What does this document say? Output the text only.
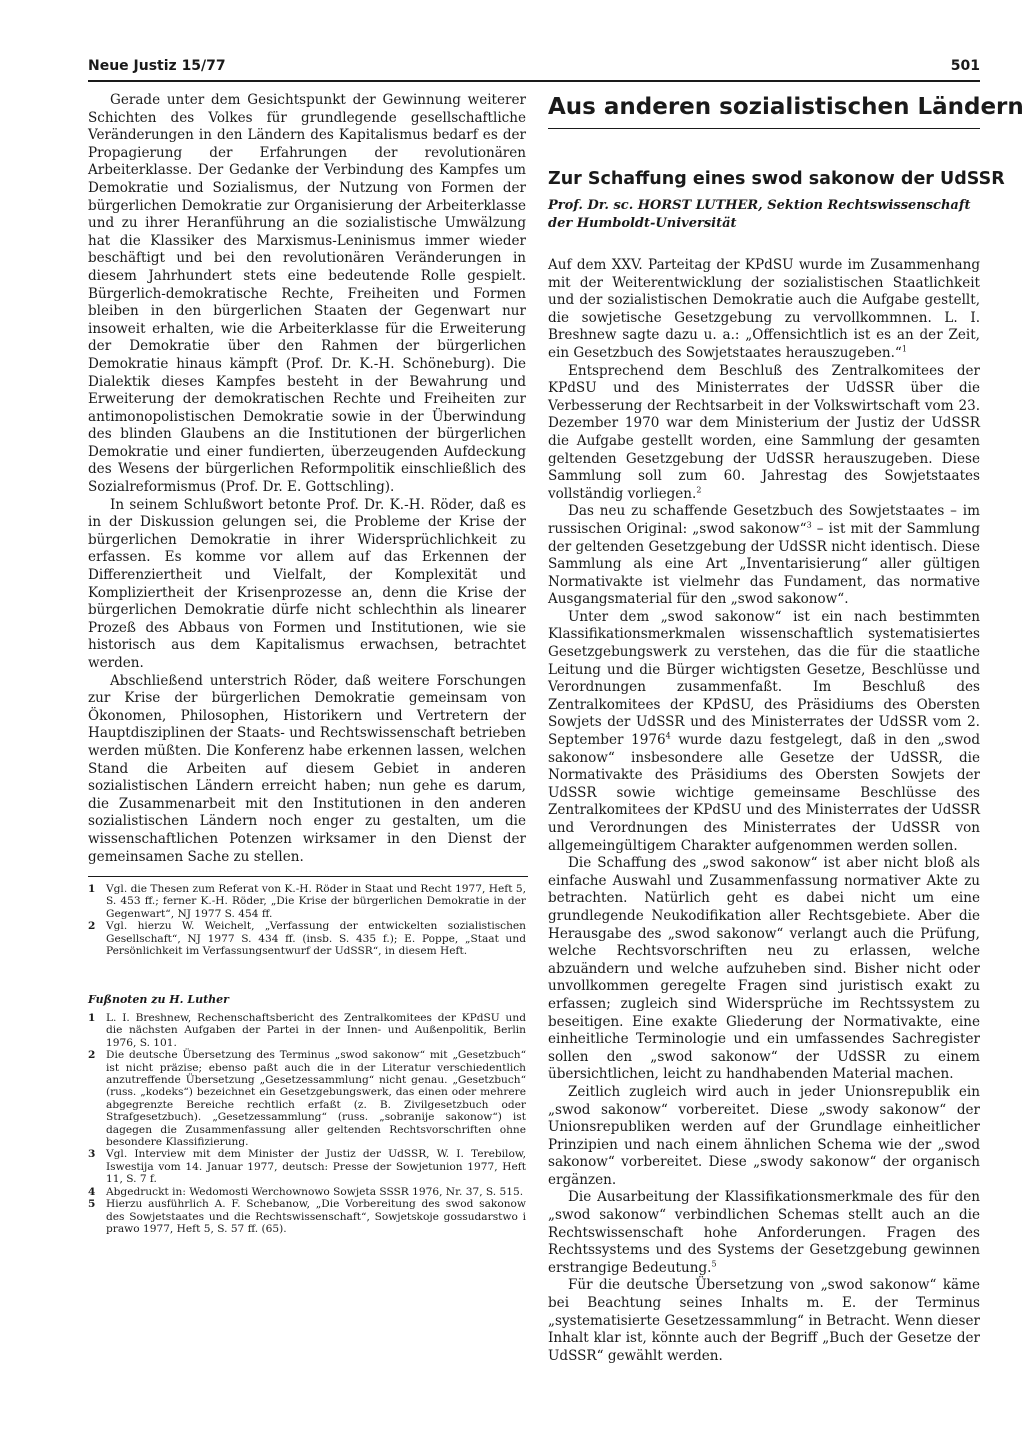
Neue Justiz 15/77	501

Gerade unter dem Gesichtspunkt der Gewinnung weiterer Schichten des Volkes für grundlegende gesellschaftliche Veränderungen in den Ländern des Kapitalismus bedarf es der Propagierung der Erfahrungen der revolutionären Arbeiterklasse. Der Gedanke der Verbindung des Kampfes um Demokratie und Sozialismus, der Nutzung von Formen der bürgerlichen Demokratie zur Organisierung der Arbeiterklasse und zu ihrer Heranführung an die sozialistische Umwälzung hat die Klassiker des Marxismus-Leninismus immer wieder beschäftigt und bei den revolutionären Veränderungen in diesem Jahrhundert stets eine bedeutende Rolle gespielt. Bürgerlich-demokratische Rechte, Freiheiten und Formen bleiben in den bürgerlichen Staaten der Gegenwart nur insoweit erhalten, wie die Arbeiterklasse für die Erweiterung der Demokratie über den Rahmen der bürgerlichen Demokratie hinaus kämpft (Prof. Dr. K.-H. Schöneburg). Die Dialektik dieses Kampfes besteht in der Bewahrung und Erweiterung der demokratischen Rechte und Freiheiten zur antimonopolistischen Demokratie sowie in der Überwindung des blinden Glaubens an die Institutionen der bürgerlichen Demokratie und einer fundierten, überzeugenden Aufdeckung des Wesens der bürgerlichen Reformpolitik einschließlich des Sozialreformismus (Prof. Dr. E. Gottschling).

In seinem Schlußwort betonte Prof. Dr. K.-H. Röder, daß es in der Diskussion gelungen sei, die Probleme der Krise der bürgerlichen Demokratie in ihrer Widersprüchlichkeit zu erfassen. Es komme vor allem auf das Erkennen der Differenziertheit und Vielfalt, der Komplexität und Kompliziertheit der Krisenprozesse an, denn die Krise der bürgerlichen Demokratie dürfe nicht schlechthin als linearer Prozeß des Abbaus von Formen und Institutionen, wie sie historisch aus dem Kapitalismus erwachsen, betrachtet werden.

Abschließend unterstrich Röder, daß weitere Forschungen zur Krise der bürgerlichen Demokratie gemeinsam von Ökonomen, Philosophen, Historikern und Vertretern der Hauptdisziplinen der Staats- und Rechtswissenschaft betrieben werden müßten. Die Konferenz habe erkennen lassen, welchen Stand die Arbeiten auf diesem Gebiet in anderen sozialistischen Ländern erreicht haben; nun gehe es darum, die Zusammenarbeit mit den Institutionen in den anderen sozialistischen Ländern noch enger zu gestalten, um die wissenschaftlichen Potenzen wirksamer in den Dienst der gemeinsamen Sache zu stellen.

1	Vgl. die Thesen zum Referat von K.-H. Röder in Staat und Recht 1977, Heft 5, S. 453 ff.; ferner K.-H. Röder, „Die Krise der bürgerlichen Demokratie in der Gegenwart“, NJ 1977 S. 454 ff.
2	Vgl. hierzu W. Weichelt, „Verfassung der entwickelten sozialistischen Gesellschaft“, NJ 1977 S. 434 ff. (insb. S. 435 f.); E. Poppe, „Staat und Persönlichkeit im Verfassungsentwurf der UdSSR“, in diesem Heft.
Fußnoten zu H. Luther
1	L. I. Breshnew, Rechenschaftsbericht des Zentralkomitees der KPdSU und die nächsten Aufgaben der Partei in der Innen- und Außenpolitik, Berlin 1976, S. 101.
2	Die deutsche Übersetzung des Terminus „swod sakonow“ mit „Gesetzbuch“ ist nicht präzise; ebenso paßt auch die in der Literatur verschiedentlich anzutreffende Übersetzung „Gesetzessammlung“ nicht genau. „Gesetzbuch“ (russ. „kodeks“) bezeichnet ein Gesetzgebungswerk, das einen oder mehrere abgegrenzte Bereiche rechtlich erfaßt (z. B. Zivilgesetzbuch oder Strafgesetzbuch). „Gesetzessammlung“ (russ. „sobranije sakonow“) ist dagegen die Zusammenfassung aller geltenden Rechtsvorschriften ohne besondere Klassifizierung.
3	Vgl. Interview mit dem Minister der Justiz der UdSSR, W. I. Terebilow, Iswestija vom 14. Januar 1977, deutsch: Presse der Sowjetunion 1977, Heft 11, S. 7 f.
4	Abgedruckt in: Wedomosti Werchownowo Sowjeta SSSR 1976, Nr. 37, S. 515.
5	Hierzu ausführlich A. F. Schebanow, „Die Vorbereitung des swod sakonow des Sowjetstaates und die Rechtswissenschaft“, Sowjetskoje gossudarstwo i prawo 1977, Heft 5, S. 57 ff. (65).
Aus anderen sozialistischen Ländern
Zur Schaffung eines swod sakonow der UdSSR

Prof. Dr. sc. HORST LUTHER, Sektion Rechtswissenschaft
der Humboldt-Universität

Auf dem XXV. Parteitag der KPdSU wurde im Zusammenhang mit der Weiterentwicklung der sozialistischen Staatlichkeit und der sozialistischen Demokratie auch die Aufgabe gestellt, die sowjetische Gesetzgebung zu vervollkommnen. L. I. Breshnew sagte dazu u. a.: „Offensichtlich ist es an der Zeit, ein Gesetzbuch des Sowjetstaates herauszugeben.“$^1$

Entsprechend dem Beschluß des Zentralkomitees der KPdSU und des Ministerrates der UdSSR über die Verbesserung der Rechtsarbeit in der Volkswirtschaft vom 23. Dezember 1970 war dem Ministerium der Justiz der UdSSR die Aufgabe gestellt worden, eine Sammlung der gesamten geltenden Gesetzgebung der UdSSR herauszugeben. Diese Sammlung soll zum 60. Jahrestag des Sowjetstaates vollständig vorliegen.$^2$

Das neu zu schaffende Gesetzbuch des Sowjetstaates – im russischen Original: „swod sakonow“$^3$ – ist mit der Sammlung der geltenden Gesetzgebung der UdSSR nicht identisch. Diese Sammlung als eine Art „Inventarisierung“ aller gültigen Normativakte ist vielmehr das Fundament, das normative Ausgangsmaterial für den „swod sakonow“.

Unter dem „swod sakonow“ ist ein nach bestimmten Klassifikationsmerkmalen wissenschaftlich systematisiertes Gesetzgebungswerk zu verstehen, das die für die staatliche Leitung und die Bürger wichtigsten Gesetze, Beschlüsse und Verordnungen zusammenfaßt. Im Beschluß des Zentralkomitees der KPdSU, des Präsidiums des Obersten Sowjets der UdSSR und des Ministerrates der UdSSR vom 2. September 1976$^4$ wurde dazu festgelegt, daß in den „swod sakonow“ insbesondere alle Gesetze der UdSSR, die Normativakte des Präsidiums des Obersten Sowjets der UdSSR sowie wichtige gemeinsame Beschlüsse des Zentralkomitees der KPdSU und des Ministerrates der UdSSR und Verordnungen des Ministerrates der UdSSR von allgemeingültigem Charakter aufgenommen werden sollen.

Die Schaffung des „swod sakonow“ ist aber nicht bloß als einfache Auswahl und Zusammenfassung normativer Akte zu betrachten. Natürlich geht es dabei nicht um eine grundlegende Neukodifikation aller Rechtsgebiete. Aber die Herausgabe des „swod sakonow“ verlangt auch die Prüfung, welche Rechtsvorschriften neu zu erlassen, welche abzuändern und welche aufzuheben sind. Bisher nicht oder unvollkommen geregelte Fragen sind juristisch exakt zu erfassen; zugleich sind Widersprüche im Rechtssystem zu beseitigen. Eine exakte Gliederung der Normativakte, eine einheitliche Terminologie und ein umfassendes Sachregister sollen den „swod sakonow“ der UdSSR zu einem übersichtlichen, leicht zu handhabenden Material machen.

Zeitlich zugleich wird auch in jeder Unionsrepublik ein „swod sakonow“ vorbereitet. Diese „swody sakonow“ der Unionsrepubliken werden auf der Grundlage einheitlicher Prinzipien und nach einem ähnlichen Schema wie der „swod sakonow“ vorbereitet. Diese „swody sakonow“ der organisch ergänzen.

Die Ausarbeitung der Klassifikationsmerkmale des für den „swod sakonow“ verbindlichen Schemas stellt auch an die Rechtswissenschaft hohe Anforderungen. Fragen des Rechtssystems und des Systems der Gesetzgebung gewinnen erstrangige Bedeutung.$^5$

Für die deutsche Übersetzung von „swod sakonow“ käme bei Beachtung seines Inhalts m. E. der Terminus „systematisierte Gesetzessammlung“ in Betracht. Wenn dieser Inhalt klar ist, könnte auch der Begriff „Buch der Gesetze der UdSSR“ gewählt werden.
